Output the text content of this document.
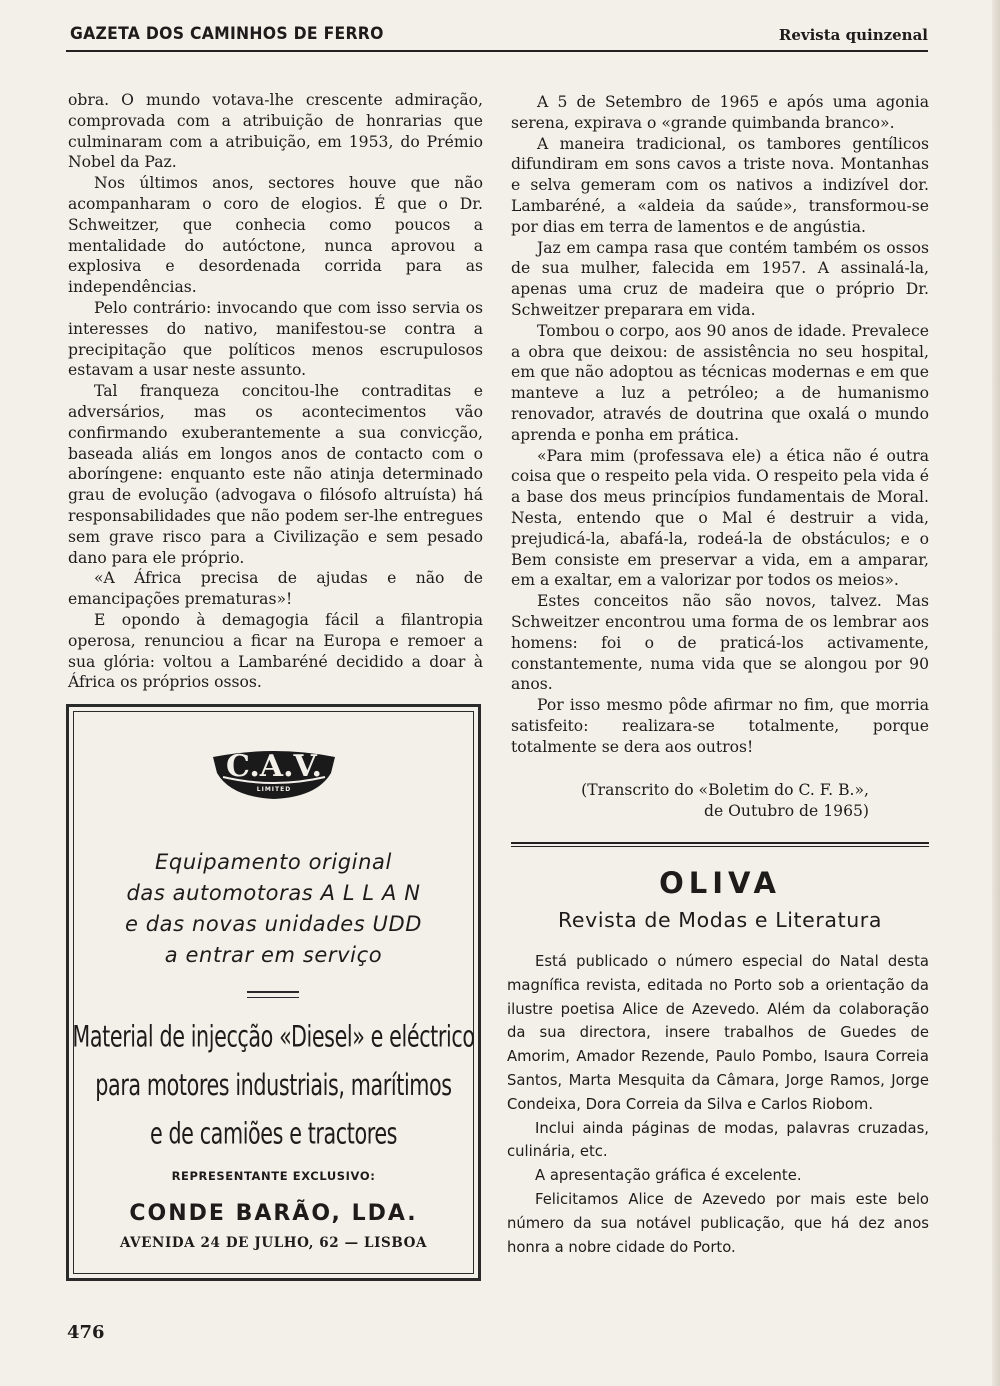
GAZETA DOS CAMINHOS DE FERRO	Revista quinzenal

obra. O mundo votava-lhe crescente admiração, comprovada com a atribuição de honrarias que culminaram com a atribuição, em 1953, do Prémio Nobel da Paz.

Nos últimos anos, sectores houve que não acompanharam o coro de elogios. É que o Dr. Schweitzer, que conhecia como poucos a mentalidade do autóctone, nunca aprovou a explosiva e desordenada corrida para as independências.

Pelo contrário: invocando que com isso servia os interesses do nativo, manifestou-se contra a precipitação que políticos menos escrupulosos estavam a usar neste assunto.

Tal franqueza concitou-lhe contraditas e adversários, mas os acontecimentos vão confirmando exuberantemente a sua convicção, baseada aliás em longos anos de contacto com o aboríngene: enquanto este não atinja determinado grau de evolução (advogava o filósofo altruísta) há responsabilidades que não podem ser-lhe entregues sem grave risco para a Civilização e sem pesado dano para ele próprio.

«A África precisa de ajudas e não de emancipações prematuras»!

E opondo à demagogia fácil a filantropia operosa, renunciou a ficar na Europa e remoer a sua glória: voltou a Lambaréné decidido a doar à África os próprios ossos.

A 5 de Setembro de 1965 e após uma agonia serena, expirava o «grande quimbanda branco».

A maneira tradicional, os tambores gentílicos difundiram em sons cavos a triste nova. Montanhas e selva gemeram com os nativos a indizível dor. Lambaréné, a «aldeia da saúde», transformou-se por dias em terra de lamentos e de angústia.

Jaz em campa rasa que contém também os ossos de sua mulher, falecida em 1957. A assinalá-la, apenas uma cruz de madeira que o próprio Dr. Schweitzer preparara em vida.

Tombou o corpo, aos 90 anos de idade. Prevalece a obra que deixou: de assistência no seu hospital, em que não adoptou as técnicas modernas e em que manteve a luz a petróleo; a de humanismo renovador, através de doutrina que oxalá o mundo aprenda e ponha em prática.

«Para mim (professava ele) a ética não é outra coisa que o respeito pela vida. O respeito pela vida é a base dos meus princípios fundamentais de Moral. Nesta, entendo que o Mal é destruir a vida, prejudicá-la, abafá-la, rodeá-la de obstáculos; e o Bem consiste em preservar a vida, em a amparar, em a exaltar, em a valorizar por todos os meios».

Estes conceitos não são novos, talvez. Mas Schweitzer encontrou uma forma de os lembrar aos homens: foi o de praticá-los activamente, constantemente, numa vida que se alongou por 90 anos.

Por isso mesmo pôde afirmar no fim, que morria satisfeito: realizara-se totalmente, porque totalmente se dera aos outros!

(Transcrito do «Boletim do C. F. B.»,
de Outubro de 1965)

C.A.V.
LIMITED
Equipamento original
das automotoras A L L A N
e das novas unidades UDD
a entrar em serviço
Material de injecção «Diesel» e eléctrico
para motores industriais, marítimos
e de camiões e tractores
REPRESENTANTE EXCLUSIVO:
CONDE BARÃO, LDA.
AVENIDA 24 DE JULHO, 62 — LISBOA
OLIVA
Revista de Modas e Literatura

Está publicado o número especial do Natal desta magnífica revista, editada no Porto sob a orientação da ilustre poetisa Alice de Azevedo. Além da colaboração da sua directora, insere trabalhos de Guedes de Amorim, Amador Rezende, Paulo Pombo, Isaura Correia Santos, Marta Mesquita da Câmara, Jorge Ramos, Jorge Condeixa, Dora Correia da Silva e Carlos Riobom.

Inclui ainda páginas de modas, palavras cruzadas, culinária, etc.

A apresentação gráfica é excelente.

Felicitamos Alice de Azevedo por mais este belo número da sua notável publicação, que há dez anos honra a nobre cidade do Porto.

476
